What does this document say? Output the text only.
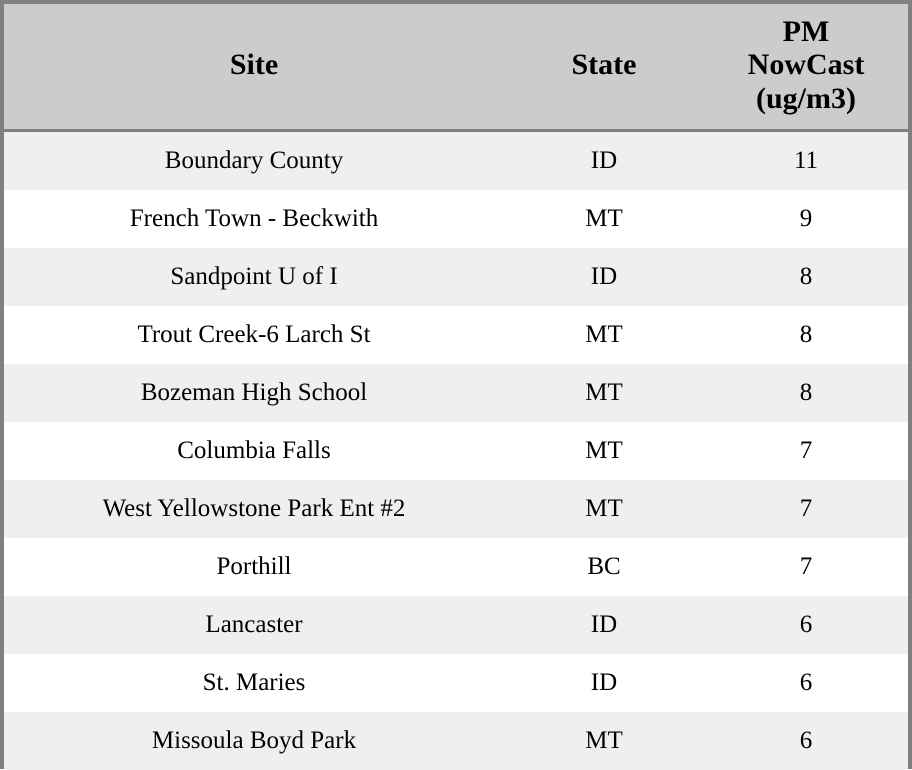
Site	State	PM
NowCast
(ug/m3)

Boundary County	ID	11
French Town - Beckwith	MT	9
Sandpoint U of I	ID	8
Trout Creek-6 Larch St	MT	8
Bozeman High School	MT	8
Columbia Falls	MT	7
West Yellowstone Park Ent #2	MT	7
Porthill	BC	7
Lancaster	ID	6
St. Maries	ID	6
Missoula Boyd Park	MT	6
